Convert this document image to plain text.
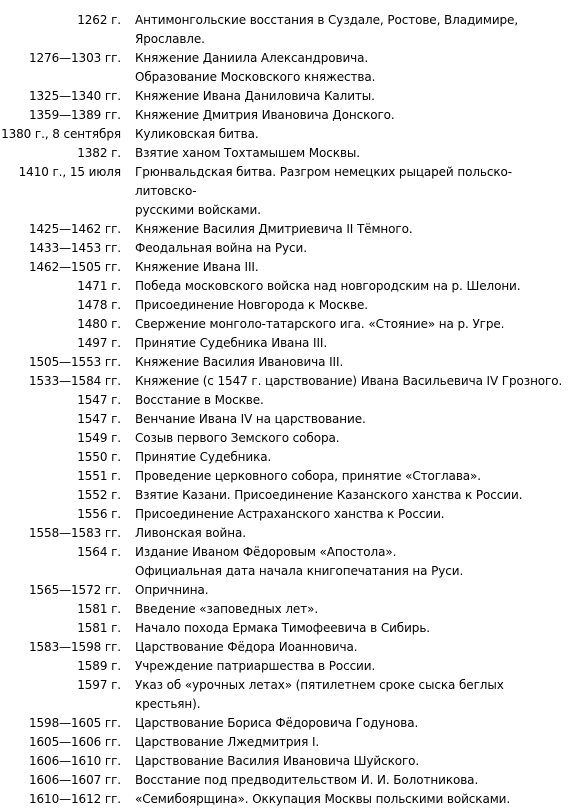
1262 г.	Антимонгольские восстания в Суздале, Ростове, Владимире, Ярославле.
1276—1303 гг.	Княжение Даниила Александровича.
Образование Московского княжества.
1325—1340 гг.	Княжение Ивана Даниловича Калиты.
1359—1389 гг.	Княжение Дмитрия Ивановича Донского.
1380 г., 8 сентября	Куликовская битва.
1382 г.	Взятие ханом Тохтамышем Москвы.
1410 г., 15 июля	Грюнвальдская битва. Разгром немецких рыцарей польско-литовско-
русскими войсками.
1425—1462 гг.	Княжение Василия Дмитриевича II Тёмного.
1433—1453 гг.	Феодальная война на Руси.
1462—1505 гг.	Княжение Ивана III.
1471 г.	Победа московского войска над новгородским на р. Шелони.
1478 г.	Присоединение Новгорода к Москве.
1480 г.	Свержение монголо-татарского ига. «Стояние» на р. Угре.
1497 г.	Принятие Судебника Ивана III.
1505—1553 гг.	Княжение Василия Ивановича III.
1533—1584 гг.	Княжение (с 1547 г. царствование) Ивана Васильевича IV Грозного.
1547 г.	Восстание в Москве.
1547 г.	Венчание Ивана IV на царствование.
1549 г.	Созыв первого Земского собора.
1550 г.	Принятие Судебника.
1551 г.	Проведение церковного собора, принятие «Стоглава».
1552 г.	Взятие Казани. Присоединение Казанского ханства к России.
1556 г.	Присоединение Астраханского ханства к России.
1558—1583 гг.	Ливонская война.
1564 г.	Издание Иваном Фёдоровым «Апостола».
Официальная дата начала книгопечатания на Руси.
1565—1572 гг.	Опричнина.
1581 г.	Введение «заповедных лет».
1581 г.	Начало похода Ермака Тимофеевича в Сибирь.
1583—1598 гг.	Царствование Фёдора Иоанновича.
1589 г.	Учреждение патриаршества в России.
1597 г.	Указ об «урочных летах» (пятилетнем сроке сыска беглых крестьян).
1598—1605 гг.	Царствование Бориса Фёдоровича Годунова.
1605—1606 гг.	Царствование Лжедмитрия I.
1606—1610 гг.	Царствование Василия Ивановича Шуйского.
1606—1607 гг.	Восстание под предводительством И. И. Болотникова.
1610—1612 гг.	«Семибоярщина». Оккупация Москвы польскими войсками.
